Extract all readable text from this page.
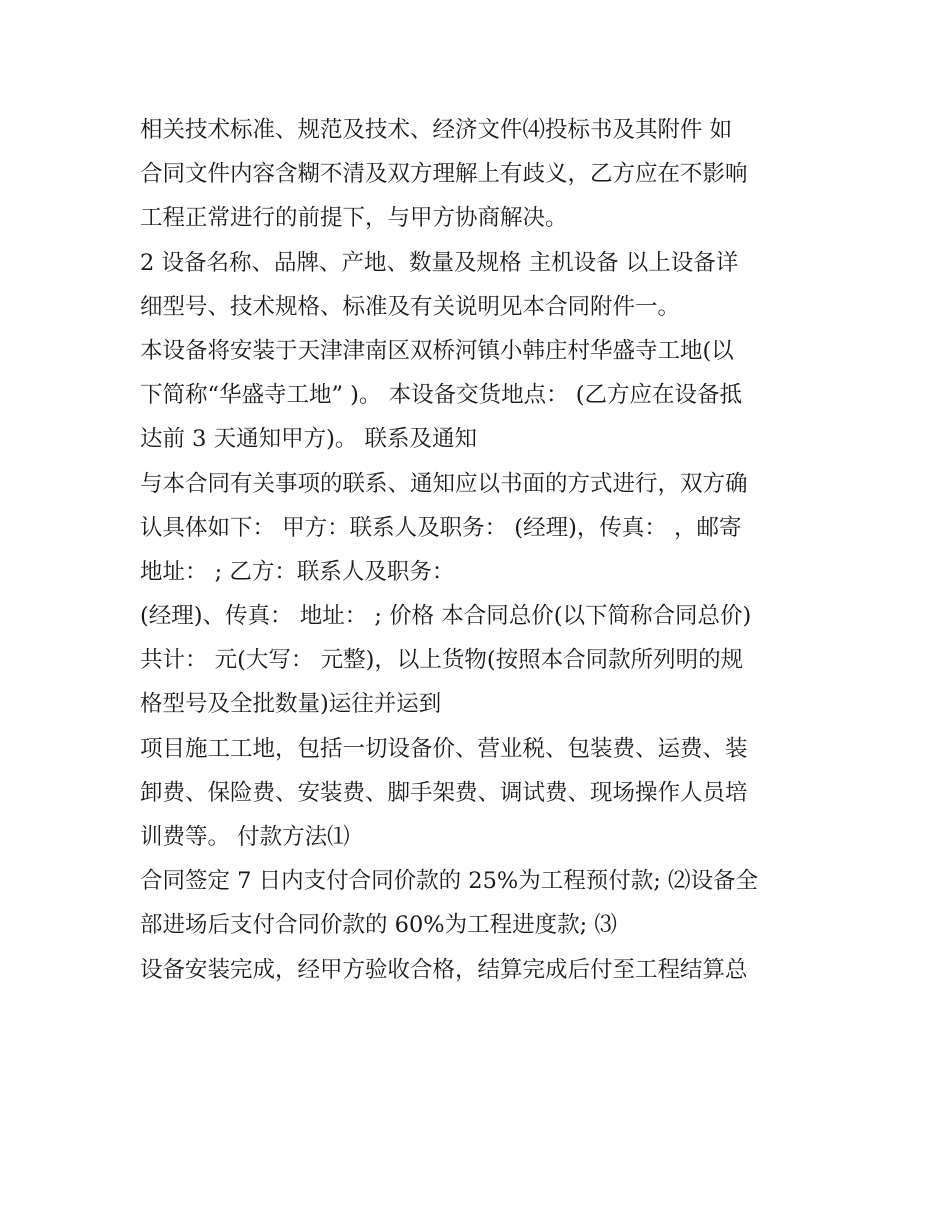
相关技术标准、规范及技术、经济文件⑷投标书及其附件 如
合同文件内容含糊不清及双方理解上有歧义，乙方应在不影响
工程正常进行的前提下，与甲方协商解决。

2 设备名称、品牌、产地、数量及规格 主机设备 以上设备详
细型号、技术规格、标准及有关说明见本合同附件一。

本设备将安装于天津津南区双桥河镇小韩庄村华盛寺工地(以
下简称“华盛寺工地” )。 本设备交货地点： (乙方应在设备抵
达前 3 天通知甲方)。 联系及通知

与本合同有关事项的联系、通知应以书面的方式进行，双方确
认具体如下： 甲方：联系人及职务： (经理)，传真： ，邮寄
地址： ; 乙方：联系人及职务：

(经理)、传真： 地址： ; 价格 本合同总价(以下简称合同总价)
共计： 元(大写： 元整)，以上货物(按照本合同款所列明的规
格型号及全批数量)运往并运到

项目施工工地，包括一切设备价、营业税、包装费、运费、装
卸费、保险费、安装费、脚手架费、调试费、现场操作人员培
训费等。 付款方法⑴

合同签定 7 日内支付合同价款的 25%为工程预付款; ⑵设备全
部进场后支付合同价款的 60%为工程进度款; ⑶

设备安装完成，经甲方验收合格，结算完成后付至工程结算总
